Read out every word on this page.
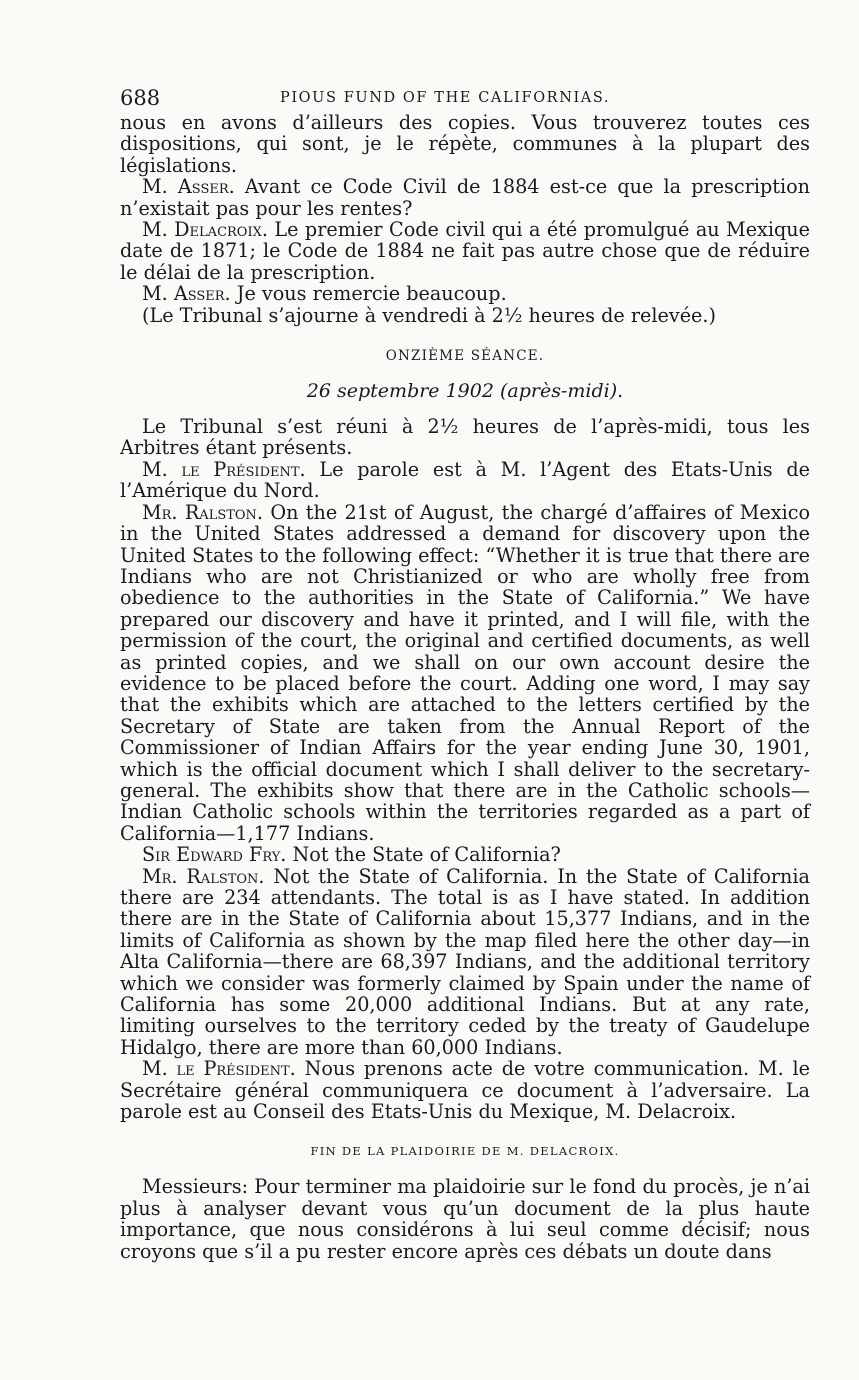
688	PIOUS FUND OF THE CALIFORNIAS.

nous en avons d’ailleurs des copies. Vous trouverez toutes ces dispositions, qui sont, je le répète, communes à la plupart des législations.

M. Asser. Avant ce Code Civil de 1884 est-ce que la prescription n’existait pas pour les rentes?

M. Delacroix. Le premier Code civil qui a été promulgué au Mexique date de 1871; le Code de 1884 ne fait pas autre chose que de réduire le délai de la prescription.

M. Asser. Je vous remercie beaucoup.

(Le Tribunal s’ajourne à vendredi à 2½ heures de relevée.)

ONZIÈME SÉANCE.
26 septembre 1902 (après-midi).

Le Tribunal s’est réuni à 2½ heures de l’après-midi, tous les Arbitres étant présents.

M. le Président. Le parole est à M. l’Agent des Etats-Unis de l’Amérique du Nord.

Mr. Ralston. On the 21st of August, the chargé d’affaires of Mexico in the United States addressed a demand for discovery upon the United States to the following effect: “Whether it is true that there are Indians who are not Christianized or who are wholly free from obedience to the authorities in the State of California.” We have prepared our discovery and have it printed, and I will file, with the permission of the court, the original and certified documents, as well as printed copies, and we shall on our own account desire the evidence to be placed before the court. Adding one word, I may say that the exhibits which are attached to the letters certified by the Secretary of State are taken from the Annual Report of the Commissioner of Indian Affairs for the year ending June 30, 1901, which is the official document which I shall deliver to the secretary-general. The exhibits show that there are in the Catholic schools—Indian Catholic schools within the territories regarded as a part of California—1,177 Indians.

Sir Edward Fry. Not the State of California?

Mr. Ralston. Not the State of California. In the State of California there are 234 attendants. The total is as I have stated. In addition there are in the State of California about 15,377 Indians, and in the limits of California as shown by the map filed here the other day—in Alta California—there are 68,397 Indians, and the additional territory which we consider was formerly claimed by Spain under the name of California has some 20,000 additional Indians. But at any rate, limiting ourselves to the territory ceded by the treaty of Gaudelupe Hidalgo, there are more than 60,000 Indians.

M. le Président. Nous prenons acte de votre communication. M. le Secrétaire général communiquera ce document à l’adversaire. La parole est au Conseil des Etats-Unis du Mexique, M. Delacroix.

FIN DE LA PLAIDOIRIE DE M. DELACROIX.

Messieurs: Pour terminer ma plaidoirie sur le fond du procès, je n’ai plus à analyser devant vous qu’un document de la plus haute importance, que nous considérons à lui seul comme décisif; nous croyons que s’il a pu rester encore après ces débats un doute dans
